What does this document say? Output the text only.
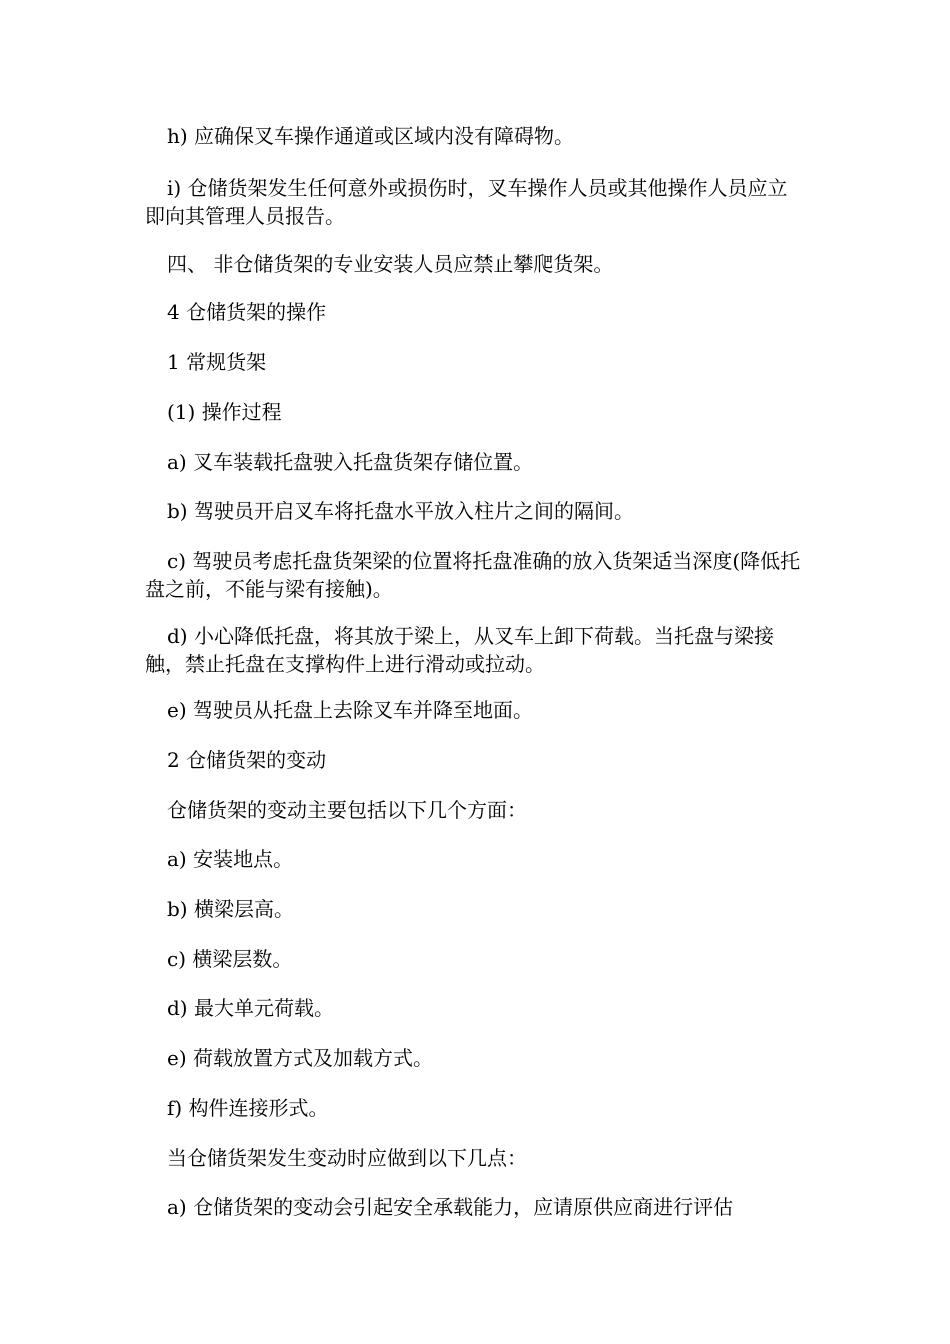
h) 应确保叉车操作通道或区域内没有障碍物。

i) 仓储货架发生任何意外或损伤时，叉车操作人员或其他操作人员应立即向其管理人员报告。

四、 非仓储货架的专业安装人员应禁止攀爬货架。

4 仓储货架的操作

1 常规货架

(1) 操作过程

a) 叉车装载托盘驶入托盘货架存储位置。

b) 驾驶员开启叉车将托盘水平放入柱片之间的隔间。

c) 驾驶员考虑托盘货架梁的位置将托盘准确的放入货架适当深度(降低托盘之前，不能与梁有接触)。

d) 小心降低托盘，将其放于梁上，从叉车上卸下荷载。当托盘与梁接触，禁止托盘在支撑构件上进行滑动或拉动。

e) 驾驶员从托盘上去除叉车并降至地面。

2 仓储货架的变动

仓储货架的变动主要包括以下几个方面：

a) 安装地点。

b) 横梁层高。

c) 横梁层数。

d) 最大单元荷载。

e) 荷载放置方式及加载方式。

f) 构件连接形式。

当仓储货架发生变动时应做到以下几点：

a) 仓储货架的变动会引起安全承载能力，应请原供应商进行评估
